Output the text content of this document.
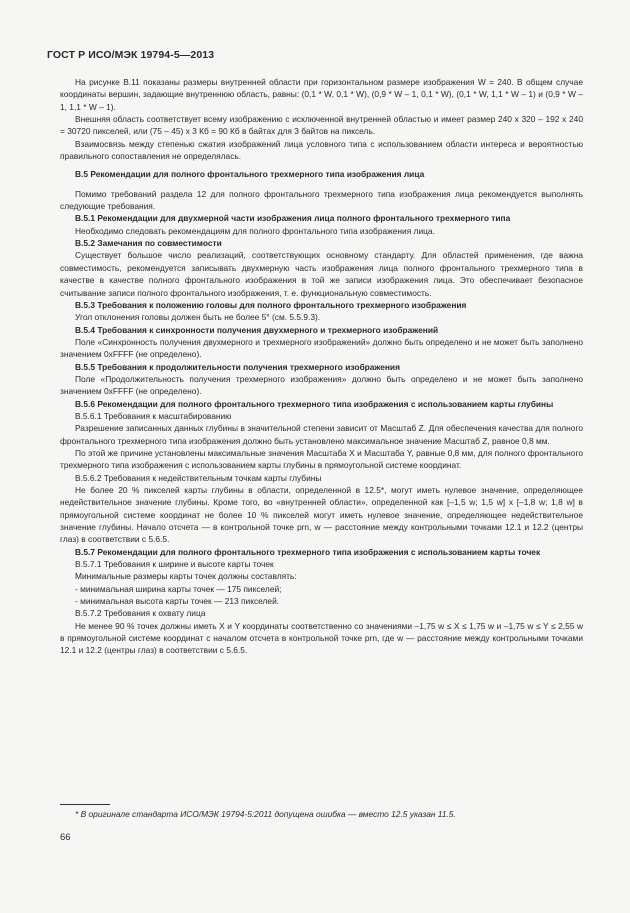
ГОСТ Р ИСО/МЭК 19794-5—2013

На рисунке В.11 показаны размеры внутренней области при горизонтальном размере изображения W = 240. В общем случае координаты вершин, задающие внутреннюю область, равны: (0,1 * W, 0,1 * W), (0,9 * W – 1, 0,1 * W), (0,1 * W, 1,1 * W – 1) и (0,9 * W – 1, 1,1 * W – 1).

Внешняя область соответствует всему изображению с исключенной внутренней областью и имеет размер 240 x 320 – 192 x 240 = 30720 пикселей, или (75 – 45) x 3 Кб = 90 Кб в байтах для 3 байтов на пиксель.

Взаимосвязь между степенью сжатия изображений лица условного типа с использованием области интереса и вероятностью правильного сопоставления не определялась.

В.5 Рекомендации для полного фронтального трехмерного типа изображения лица

Помимо требований раздела 12 для полного фронтального трехмерного типа изображения лица рекомендуется выполнять следующие требования.

В.5.1 Рекомендации для двухмерной части изображения лица полного фронтального трехмерного типа

Необходимо следовать рекомендациям для полного фронтального типа изображения лица.

В.5.2 Замечания по совместимости

Существует большое число реализаций, соответствующих основному стандарту. Для областей применения, где важна совместимость, рекомендуется записывать двухмерную часть изображения лица полного фронтального трехмерного типа в качестве в качестве полного фронтального изображения в той же записи изображения лица. Это обеспечивает безопасное считывание записи полного фронтального изображения, т. е. функциональную совместимость.

В.5.3 Требования к положению головы для полного фронтального трехмерного изображения

Угол отклонения головы должен быть не более 5° (см. 5.5.9.3).

В.5.4 Требования к синхронности получения двухмерного и трехмерного изображений

Поле «Синхронность получения двухмерного и трехмерного изображений» должно быть определено и не может быть заполнено значением 0xFFFF (не определено).

В.5.5 Требования к продолжительности получения трехмерного изображения

Поле «Продолжительность получения трехмерного изображения» должно быть определено и не может быть заполнено значением 0xFFFF (не определено).

В.5.6 Рекомендации для полного фронтального трехмерного типа изображения с использованием карты глубины

В.5.6.1 Требования к масштабированию

Разрешение записанных данных глубины в значительной степени зависит от Масштаб Z. Для обеспечения качества для полного фронтального трехмерного типа изображения должно быть установлено максимальное значение Масштаб Z, равное 0,8 мм.

По этой же причине установлены максимальные значения Масштаба X и Масштаба Y, равные 0,8 мм, для полного фронтального трехмерного типа изображения с использованием карты глубины в прямоугольной системе координат.

В.5.6.2 Требования к недействительным точкам карты глубины

Не более 20 % пикселей карты глубины в области, определенной в 12.5*, могут иметь нулевое значение, определяющее недействительное значение глубины. Кроме того, во «внутренней области», определенной как [–1,5 w; 1,5 w] x [–1,8 w; 1,8 w] в прямоугольной системе координат не более 10 % пикселей могут иметь нулевое значение, определяющее недействительное значение глубины. Начало отсчета — в контрольной точке prn, w — расстояние между контрольными точками 12.1 и 12.2 (центры глаз) в соответствии с 5.6.5.

В.5.7 Рекомендации для полного фронтального трехмерного типа изображения с использованием карты точек

В.5.7.1 Требования к ширине и высоте карты точек

Минимальные размеры карты точек должны составлять:

- минимальная ширина карты точек — 175 пикселей;

- минимальная высота карты точек — 213 пикселей.

В.5.7.2 Требования к охвату лица

Не менее 90 % точек должны иметь X и Y координаты соответственно со значениями –1,75 w ≤ X ≤ 1,75 w и –1,75 w ≤ Y ≤ 2,55 w в прямоугольной системе координат с началом отсчета в контрольной точке prn, где w — расстояние между контрольными точками 12.1 и 12.2 (центры глаз) в соответствии с 5.6.5.

* В оригинале стандарта ИСО/МЭК 19794-5:2011 допущена ошибка — вместо 12.5 указан 11.5.
66
